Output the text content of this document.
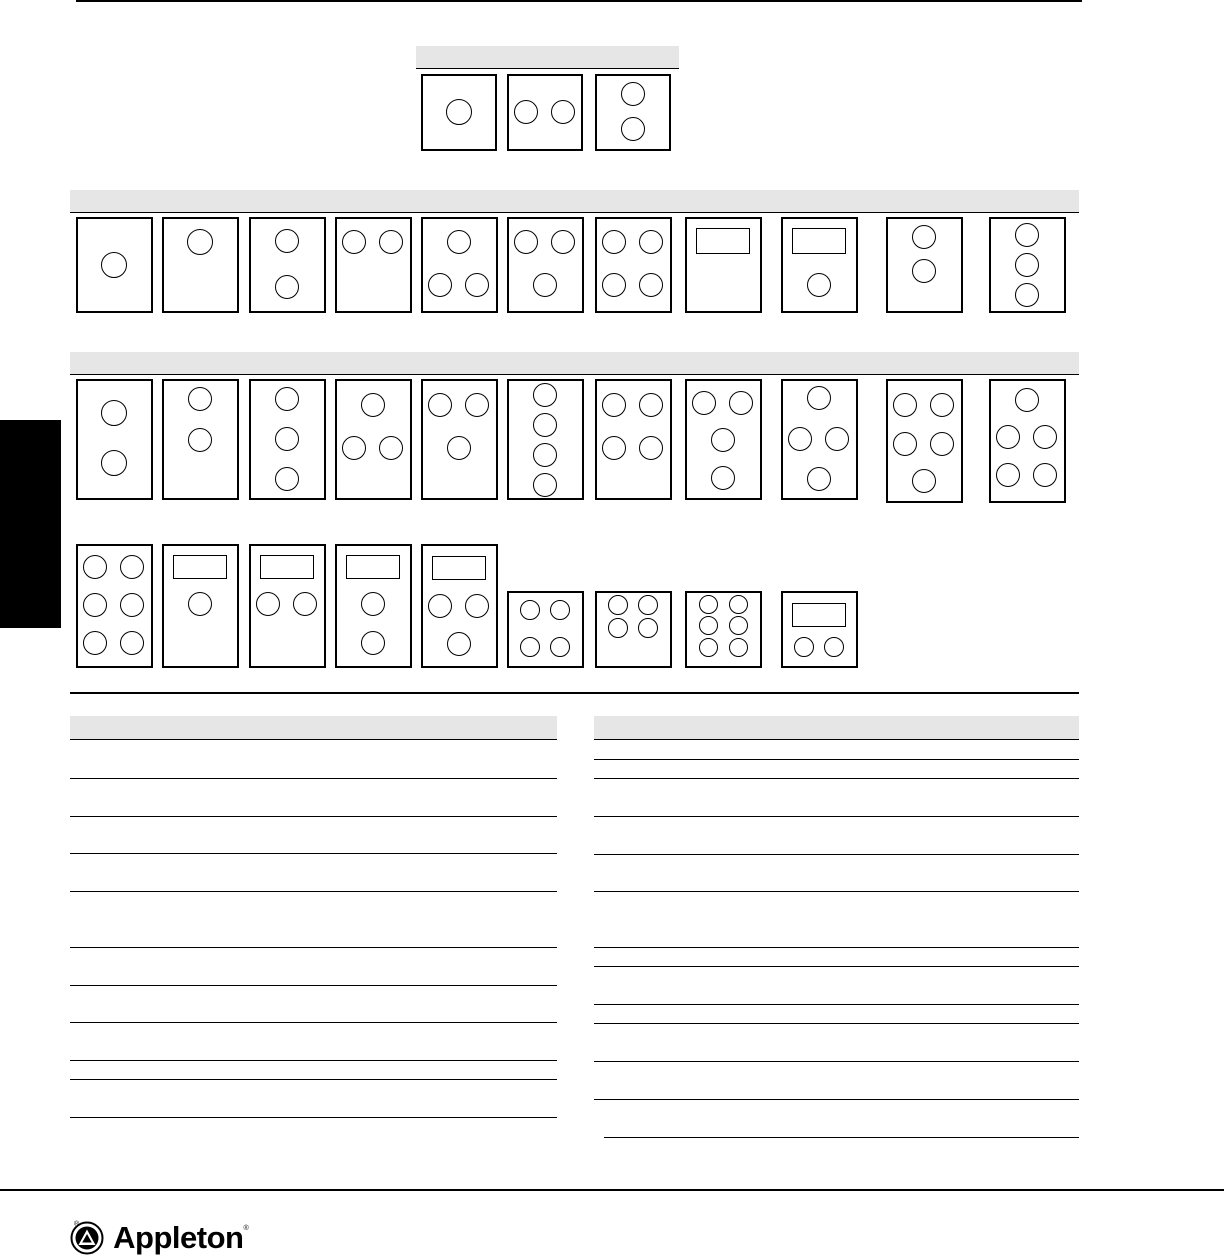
® Appleton ®
